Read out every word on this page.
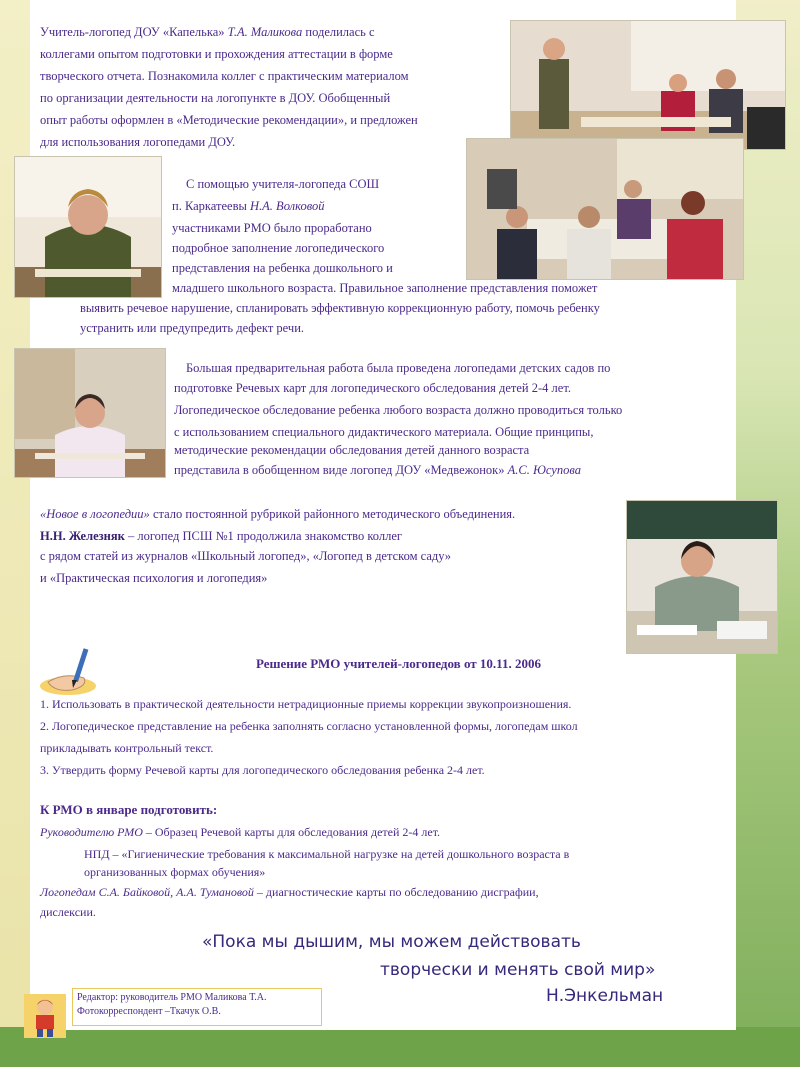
Учитель-логопед ДОУ «Капелька» Т.А. Маликова поделилась с
коллегами опытом подготовки и прохождения аттестации в форме
творческого отчета. Познакомила коллег с практическим материалом
по организации деятельности на логопункте в ДОУ. Обобщенный
опыт работы оформлен в «Методические рекомендации», и предложен
для использования логопедами ДОУ.
С помощью учителя-логопеда СОШ
п. Каркатеевы Н.А. Волковой
участниками РМО было проработано
подробное заполнение логопедического
представления на ребенка дошкольного и
младшего школьного возраста. Правильное заполнение представления поможет
выявить речевое нарушение, спланировать эффективную коррекционную работу, помочь ребенку
устранить или предупредить дефект речи.
Большая предварительная работа была проведена логопедами детских садов по
подготовке Речевых карт для логопедического обследования детей 2-4 лет.
Логопедическое обследование ребенка любого возраста должно проводиться только
с использованием специального дидактического материала. Общие принципы,
методические рекомендации обследования детей данного возраста
представила в обобщенном виде логопед ДОУ «Медвежонок» А.С. Юсупова
«Новое в логопедии» стало постоянной рубрикой районного методического объединения.
Н.Н. Железняк – логопед ПСШ №1 продолжила знакомство коллег
с рядом статей из журналов «Школьный логопед», «Логопед в детском саду»
и «Практическая психология и логопедия»
Решение РМО учителей-логопедов от 10.11. 2006
1. Использовать в практической деятельности нетрадиционные приемы коррекции звукопроизношения.
2. Логопедическое представление на ребенка заполнять согласно установленной формы, логопедам школ
прикладывать контрольный текст.
3. Утвердить форму Речевой карты для логопедического обследования ребенка 2-4 лет.
К РМО в январе подготовить:
Руководителю РМО – Образец Речевой карты для обследования детей 2-4 лет.
НПД – «Гигиенические требования к максимальной нагрузке на детей дошкольного возраста в
организованных формах обучения»
Логопедам С.А. Байковой, А.А. Тумановой – диагностические карты по обследованию дисграфии,
дислексии.
«Пока мы дышим, мы можем действовать
творчески и менять свой мир»
Н.Энкельман
Редактор: руководитель РМО Маликова Т.А.
Фотокорреспондент –Ткачук О.В.
